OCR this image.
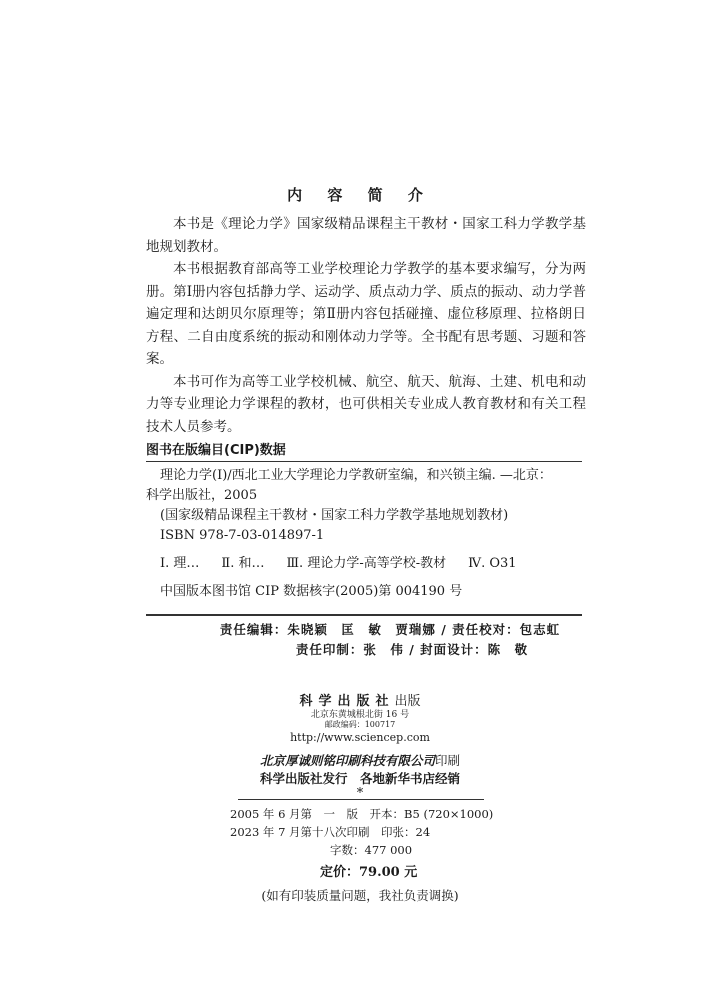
内 容 简 介

本书是《理论力学》国家级精品课程主干教材・国家工科力学教学基地规划教材。

本书根据教育部高等工业学校理论力学教学的基本要求编写，分为两册。第Ⅰ册内容包括静力学、运动学、质点动力学、质点的振动、动力学普遍定理和达朗贝尔原理等；第Ⅱ册内容包括碰撞、虚位移原理、拉格朗日方程、二自由度系统的振动和刚体动力学等。全书配有思考题、习题和答案。

本书可作为高等工业学校机械、航空、航天、航海、土建、机电和动力等专业理论力学课程的教材，也可供相关专业成人教育教材和有关工程技术人员参考。

图书在版编目(CIP)数据
理论力学(Ⅰ)/西北工业大学理论力学教研室编，和兴锁主编. —北京：
科学出版社，2005
(国家级精品课程主干教材・国家工科力学教学基地规划教材)
ISBN 978-7-03-014897-1
Ⅰ. 理… Ⅱ. 和… Ⅲ. 理论力学-高等学校-教材 Ⅳ. O31
中国版本图书馆 CIP 数据核字(2005)第 004190 号
责任编辑：朱晓颖　匡　敏　贾瑞娜 / 责任校对：包志虹
责任印制：张　伟 / 封面设计：陈　敬
科学出版社出版
北京东黄城根北街 16 号
邮政编码：100717
http://www.sciencep.com
北京厚诚则铭印刷科技有限公司印刷
科学出版社发行　各地新华书店经销
*
2005 年 6 月第　一　版　开本：B5 (720×1000)
2023 年 7 月第十八次印刷　印张：24
字数：477 000
定价：79.00 元
(如有印装质量问题，我社负责调换)
